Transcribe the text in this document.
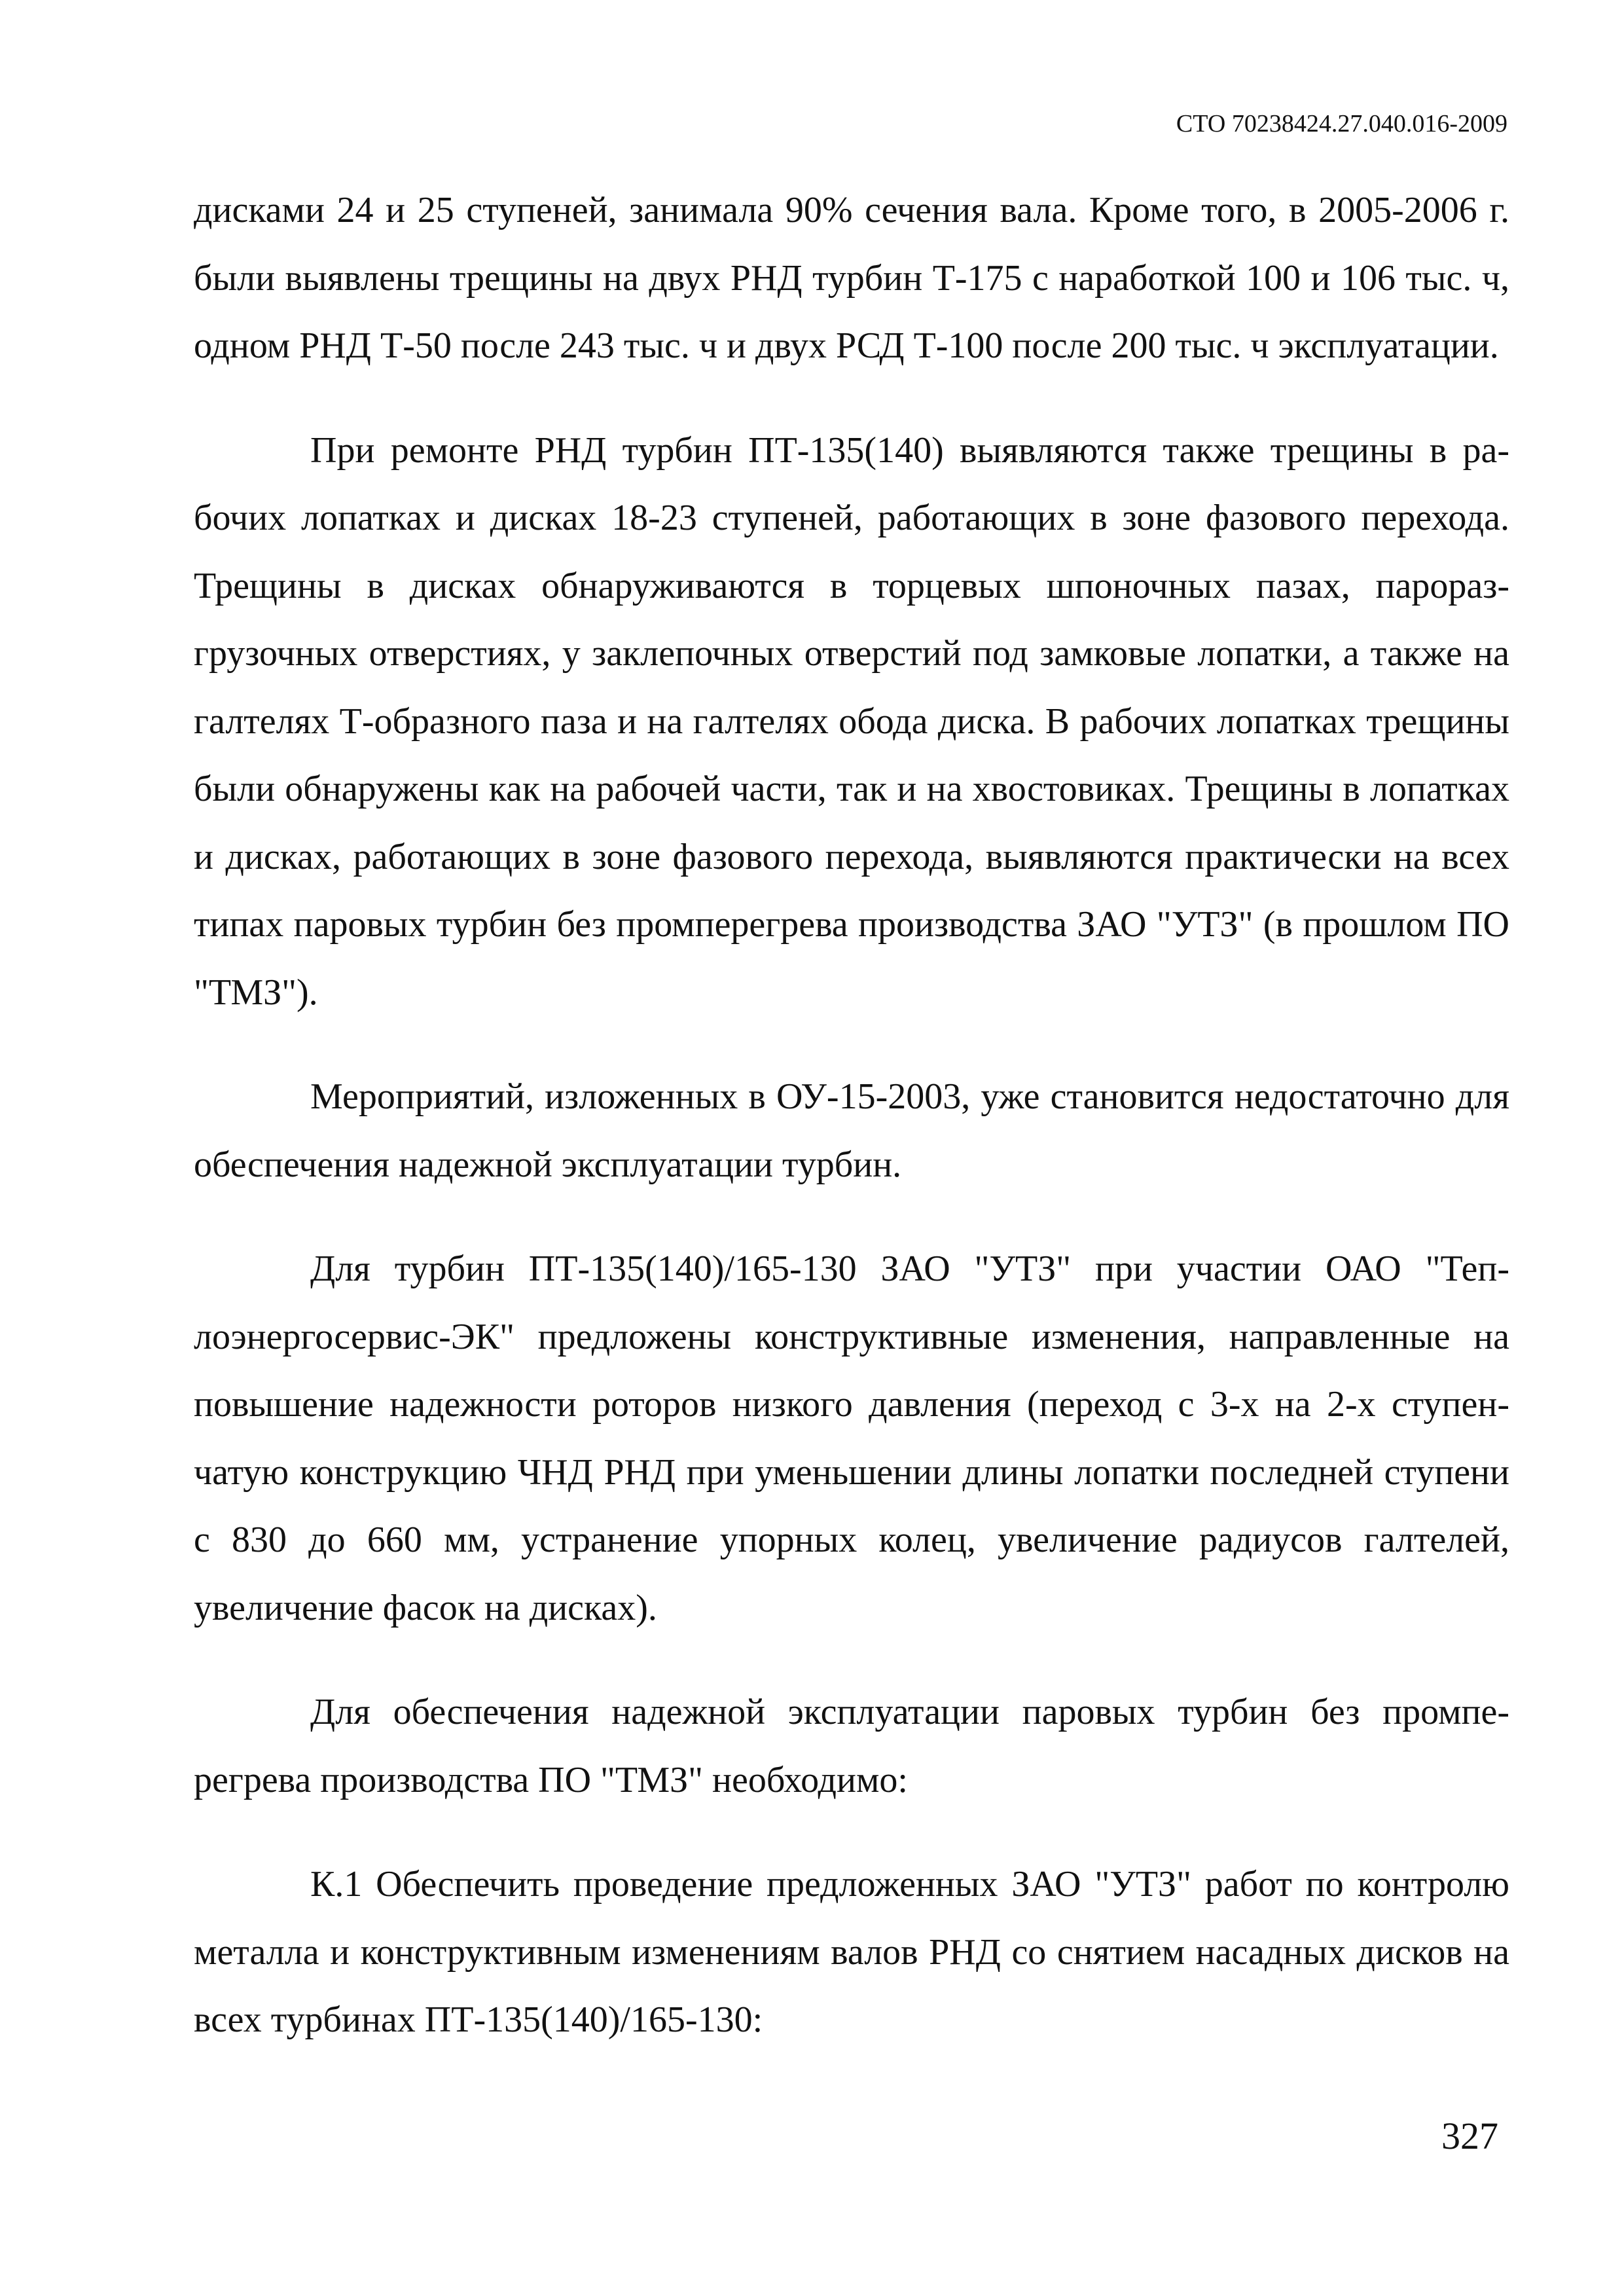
СТО 70238424.27.040.016-2009

дисками 24 и 25 ступеней, занимала 90% сечения вала. Кроме того, в 2005-2006 г. были выявлены трещины на двух РНД турбин Т-175 с наработкой 100 и 106 тыс. ч, одном РНД Т-50 после 243 тыс. ч и двух РСД Т-100 после 200 тыс. ч эксплуатации.

При ремонте РНД турбин ПТ-135(140) выявляются также трещины в рабочих лопатках и дисках 18-23 ступеней, работающих в зоне фазового перехода. Трещины в дисках обнаруживаются в торцевых шпоночных пазах, пароразгрузочных отверстиях, у заклепочных отверстий под замковые лопатки, а также на галтелях Т-образного паза и на галтелях обода диска. В рабочих лопатках трещины были обнаружены как на рабочей части, так и на хвостовиках. Трещины в лопатках и дисках, работающих в зоне фазового перехода, выявляются практически на всех типах паровых турбин без промперегрева производства ЗАО "УТЗ" (в прошлом ПО "ТМЗ").

Мероприятий, изложенных в ОУ-15-2003, уже становится недостаточно для обеспечения надежной эксплуатации турбин.

Для турбин ПТ-135(140)/165-130 ЗАО "УТЗ" при участии ОАО "Теплоэнергосервис-ЭК" предложены конструктивные изменения, направленные на повышение надежности роторов низкого давления (переход с 3-х на 2-х ступенчатую конструкцию ЧНД РНД при уменьшении длины лопатки последней ступени с 830 до 660 мм, устранение упорных колец, увеличение радиусов галтелей, увеличение фасок на дисках).

Для обеспечения надежной эксплуатации паровых турбин без промперегрева производства ПО "ТМЗ" необходимо:

К.1 Обеспечить проведение предложенных ЗАО "УТЗ" работ по контролю металла и конструктивным изменениям валов РНД со снятием насадных дисков на всех турбинах ПТ-135(140)/165-130:

327
